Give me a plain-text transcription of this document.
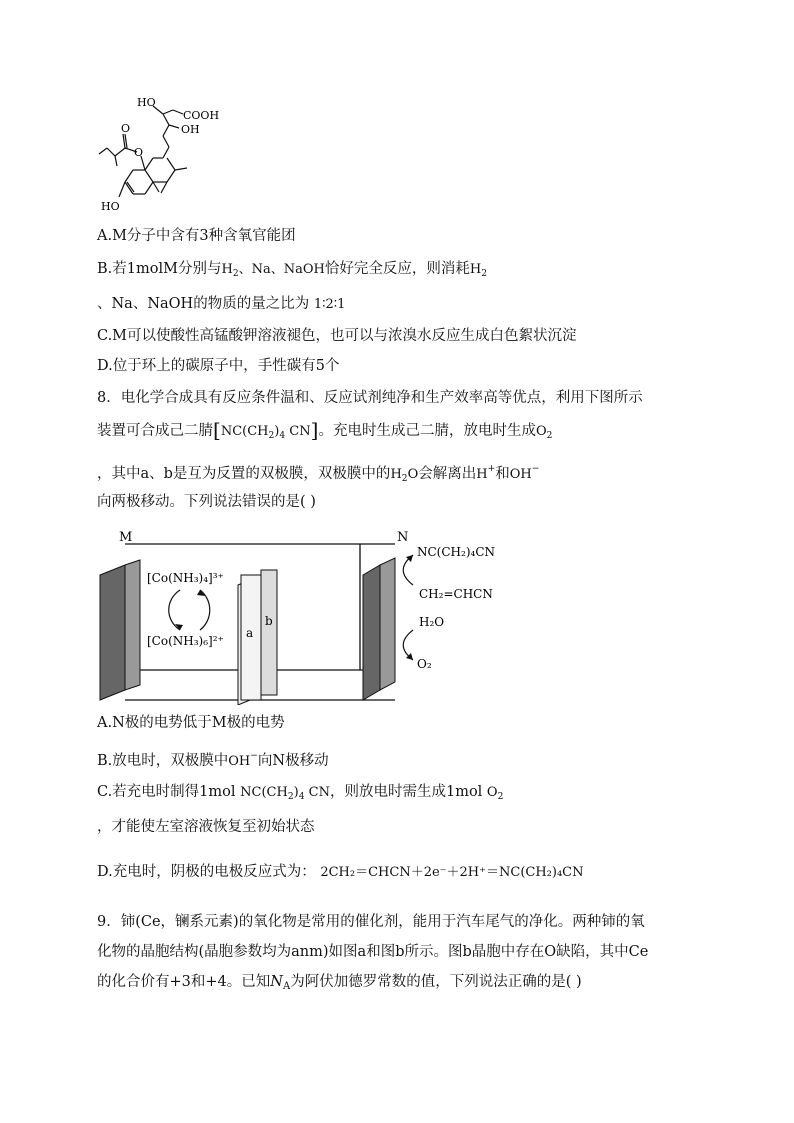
HO
COOH
OH
O
O
HO
A.M分子中含有3种含氧官能团
B.若1molM分别与$H_2$、Na、NaOH恰好完全反应，则消耗$H_2$
、Na、NaOH的物质的量之比为 1∶2∶1
C.M可以使酸性高锰酸钾溶液褪色，也可以与浓溴水反应生成白色絮状沉淀
D.位于环上的碳原子中，手性碳有5个
8．电化学合成具有反应条件温和、反应试剂纯净和生产效率高等优点，利用下图所示
装置可合成己二腈[$NC(CH_2)_4$ CN]。充电时生成己二腈，放电时生成$O_2$
，其中a、b是互为反置的双极膜，双极膜中的$H_2O$会解离出H+和OH−
向两极移动。下列说法错误的是( )
M	N
[Co(NH₃)₄]³⁺
[Co(NH₃)₆]²⁺
a
b
NC(CH₂)₄CN
CH₂=CHCN
H₂O
O₂
A.N极的电势低于M极的电势
B.放电时，双极膜中OH−向N极移动
C.若充电时制得1mol $NC(CH_2)_4$ CN，则放电时需生成1mol $O_2$
，才能使左室溶液恢复至初始状态
D.充电时，阴极的电极反应式为： 2CH₂＝CHCN＋2e⁻＋2H⁺＝NC(CH₂)₄CN
9．铈(Ce，镧系元素)的氧化物是常用的催化剂，能用于汽车尾气的净化。两种铈的氧
化物的晶胞结构(晶胞参数均为anm)如图a和图b所示。图b晶胞中存在O缺陷，其中Ce
的化合价有+3和+4。已知$N_A$为阿伏加德罗常数的值，下列说法正确的是( )
